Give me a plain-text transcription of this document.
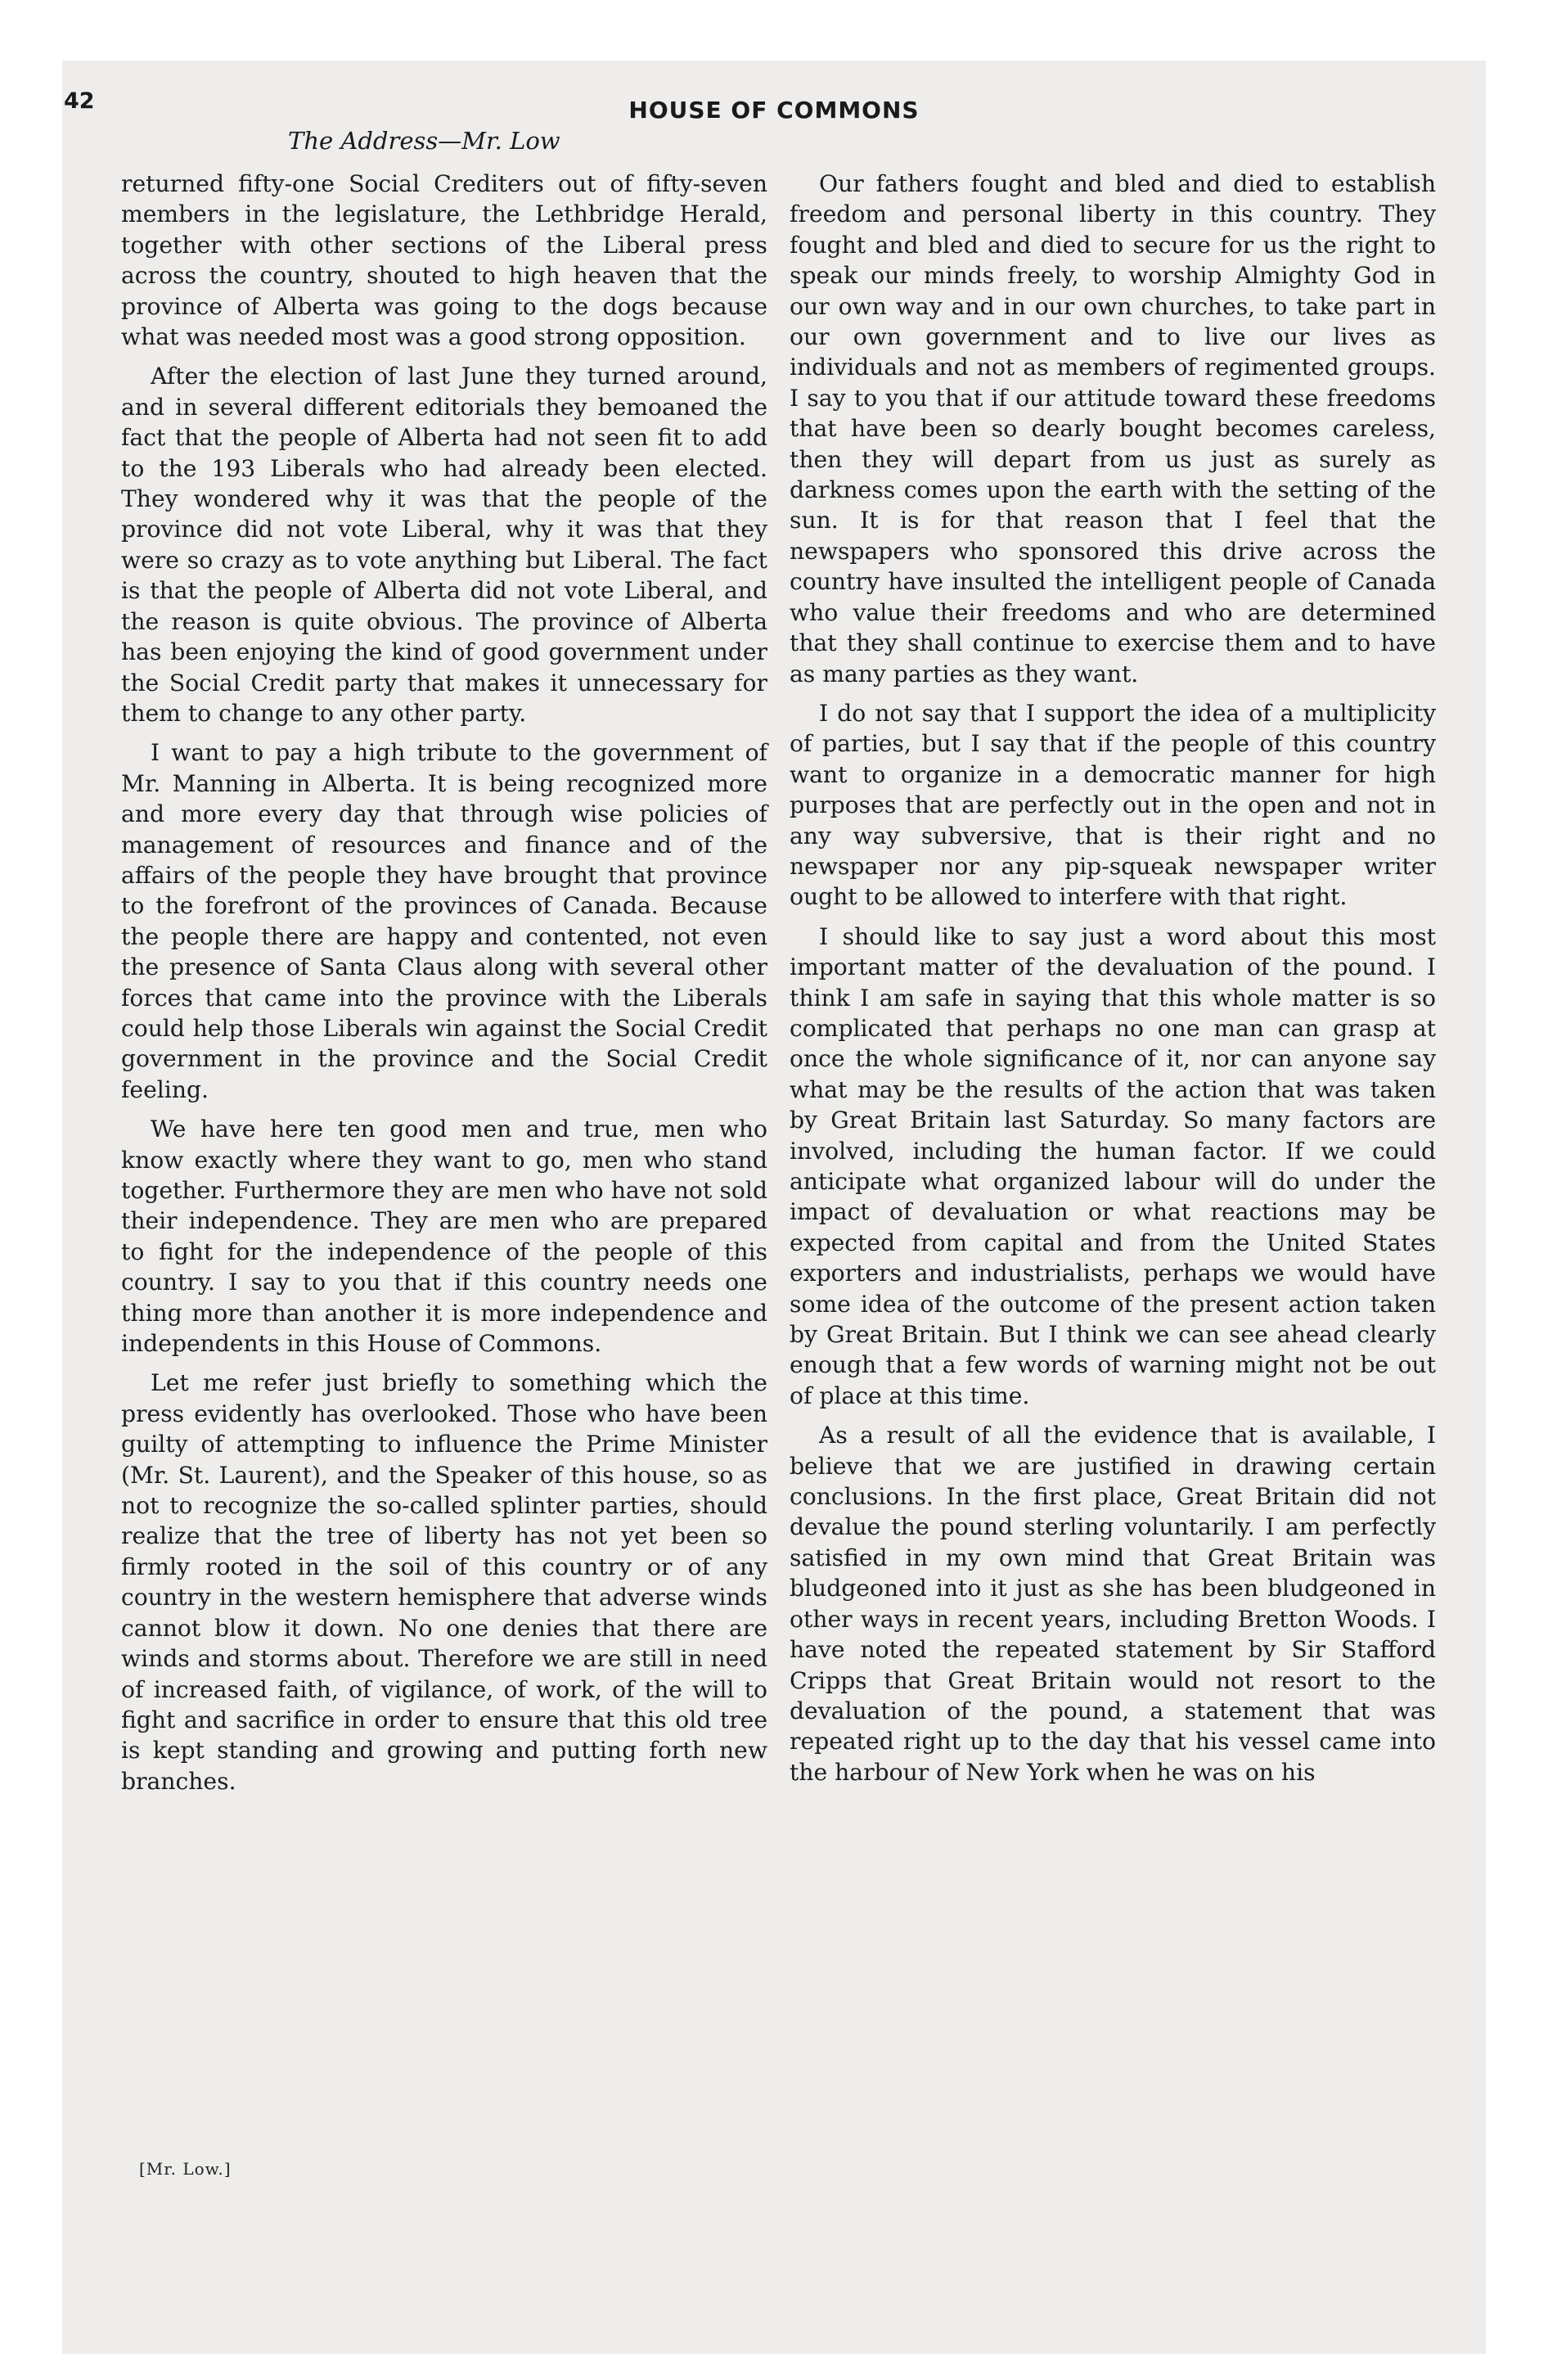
42	HOUSE OF COMMONS
The Address—Mr. Low

returned fifty-one Social Crediters out of fifty-seven members in the legislature, the Lethbridge Herald, together with other sections of the Liberal press across the country, shouted to high heaven that the province of Alberta was going to the dogs because what was needed most was a good strong opposition.

After the election of last June they turned around, and in several different editorials they bemoaned the fact that the people of Alberta had not seen fit to add to the 193 Liberals who had already been elected. They wondered why it was that the people of the province did not vote Liberal, why it was that they were so crazy as to vote anything but Liberal. The fact is that the people of Alberta did not vote Liberal, and the reason is quite obvious. The province of Alberta has been enjoying the kind of good government under the Social Credit party that makes it unnecessary for them to change to any other party.

I want to pay a high tribute to the government of Mr. Manning in Alberta. It is being recognized more and more every day that through wise policies of management of resources and finance and of the affairs of the people they have brought that province to the forefront of the provinces of Canada. Because the people there are happy and contented, not even the presence of Santa Claus along with several other forces that came into the province with the Liberals could help those Liberals win against the Social Credit government in the province and the Social Credit feeling.

We have here ten good men and true, men who know exactly where they want to go, men who stand together. Furthermore they are men who have not sold their independence. They are men who are prepared to fight for the independence of the people of this country. I say to you that if this country needs one thing more than another it is more independence and independents in this House of Commons.

Let me refer just briefly to something which the press evidently has overlooked. Those who have been guilty of attempting to influence the Prime Minister (Mr. St. Laurent), and the Speaker of this house, so as not to recognize the so-called splinter parties, should realize that the tree of liberty has not yet been so firmly rooted in the soil of this country or of any country in the western hemisphere that adverse winds cannot blow it down. No one denies that there are winds and storms about. Therefore we are still in need of increased faith, of vigilance, of work, of the will to fight and sacrifice in order to ensure that this old tree is kept standing and growing and putting forth new branches.

Our fathers fought and bled and died to establish freedom and personal liberty in this country. They fought and bled and died to secure for us the right to speak our minds freely, to worship Almighty God in our own way and in our own churches, to take part in our own government and to live our lives as individuals and not as members of regimented groups. I say to you that if our attitude toward these freedoms that have been so dearly bought becomes careless, then they will depart from us just as surely as darkness comes upon the earth with the setting of the sun. It is for that reason that I feel that the newspapers who sponsored this drive across the country have insulted the intelligent people of Canada who value their freedoms and who are determined that they shall continue to exercise them and to have as many parties as they want.

I do not say that I support the idea of a multiplicity of parties, but I say that if the people of this country want to organize in a democratic manner for high purposes that are perfectly out in the open and not in any way subversive, that is their right and no newspaper nor any pip-squeak newspaper writer ought to be allowed to interfere with that right.

I should like to say just a word about this most important matter of the devaluation of the pound. I think I am safe in saying that this whole matter is so complicated that perhaps no one man can grasp at once the whole significance of it, nor can anyone say what may be the results of the action that was taken by Great Britain last Saturday. So many factors are involved, including the human factor. If we could anticipate what organized labour will do under the impact of devaluation or what reactions may be expected from capital and from the United States exporters and industrialists, perhaps we would have some idea of the outcome of the present action taken by Great Britain. But I think we can see ahead clearly enough that a few words of warning might not be out of place at this time.

As a result of all the evidence that is available, I believe that we are justified in drawing certain conclusions. In the first place, Great Britain did not devalue the pound sterling voluntarily. I am perfectly satisfied in my own mind that Great Britain was bludgeoned into it just as she has been bludgeoned in other ways in recent years, including Bretton Woods. I have noted the repeated statement by Sir Stafford Cripps that Great Britain would not resort to the devaluation of the pound, a statement that was repeated right up to the day that his vessel came into the harbour of New York when he was on his

[Mr. Low.]
